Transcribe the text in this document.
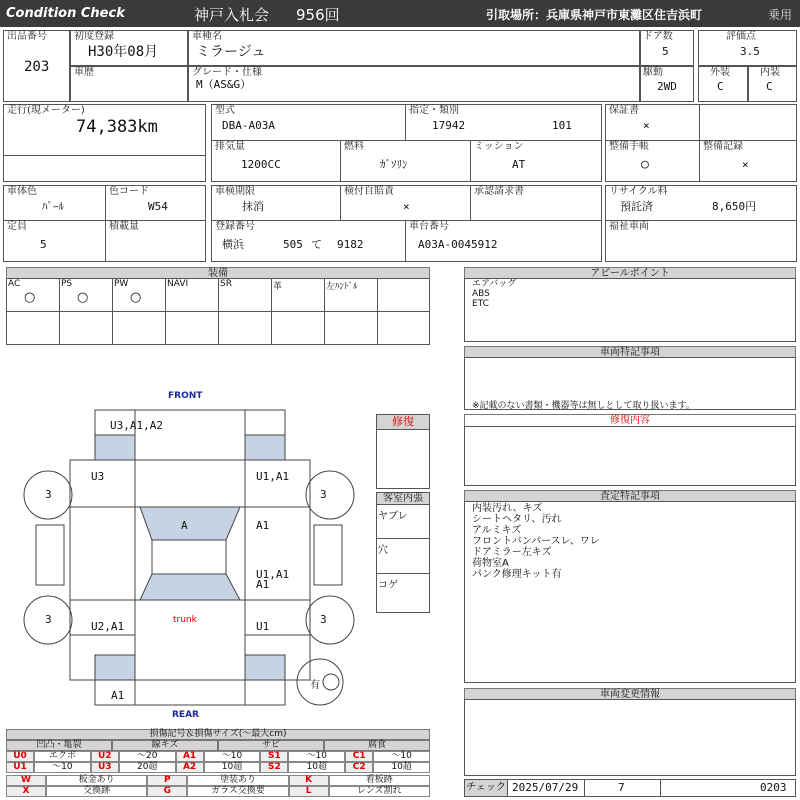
Condition Check	神戸入札会 956回	引取場所：兵庫県神戸市東灘区住吉浜町	乗用
出品番号
203
初度登録
H30年08月
車歴
車種名
ミラージュ
グレード・仕様
M（AS&G）
ドア数
5
駆動
2WD
評価点
3.5
外装
C
内装
C
走行(現メーター)
74,383km
型式
DBA-A03A
指定・類別
17942	101
排気量
1200CC
燃料
ｶﾞｿﾘﾝ
ミッション
AT
保証書
×
整備手帳
○
整備記録
×
車体色
ﾊﾟｰﾙ
色コード
W54
定員
5
積載量
車検期限
抹消
検付自賠責
×
承認請求書
登録番号
横浜	505 て 9182
車台番号
A03A-0045912
リサイクル料
預託済	8,650円
福祉車両
装備
AC
○
PS
○
PW
○
NAVI	SR	革	左ﾊﾝﾄﾞﾙ
アピールポイント
エアバッグ
ABS
ETC
車両特記事項
※記載のない書類・機器等は無しとして取り扱います。
修復内容
査定特記事項
内装汚れ、キズ
シートヘタリ、汚れ
アルミキズ
フロントバンパースレ、ワレ
ドアミラー左キズ
荷物室A
パンク修理キット有
車両変更情報
チェック 2025/07/29	7	0203
修復
客室内張
ヤブレ
穴
コゲ
FRONT
REAR
U3,A1,A2
U3	U1,A1
A	A1
U1,A1 A1
U2,A1	U1
A1
trunk
3	3
3	3
有
損傷記号＆損傷サイズ(～最大cm)
凹凸・亀裂	線キズ	サビ	腐食
U0	エクボ	U2	～20	A1	～10	S1	～10	C1	～10
U1	～10	U3	20超	A2	10超	S2	10超	C2	10超
W	板金あり	P	塗装あり	K	看板跡
X	交換跡	G	ガラス交換要	L	レンズ割れ
